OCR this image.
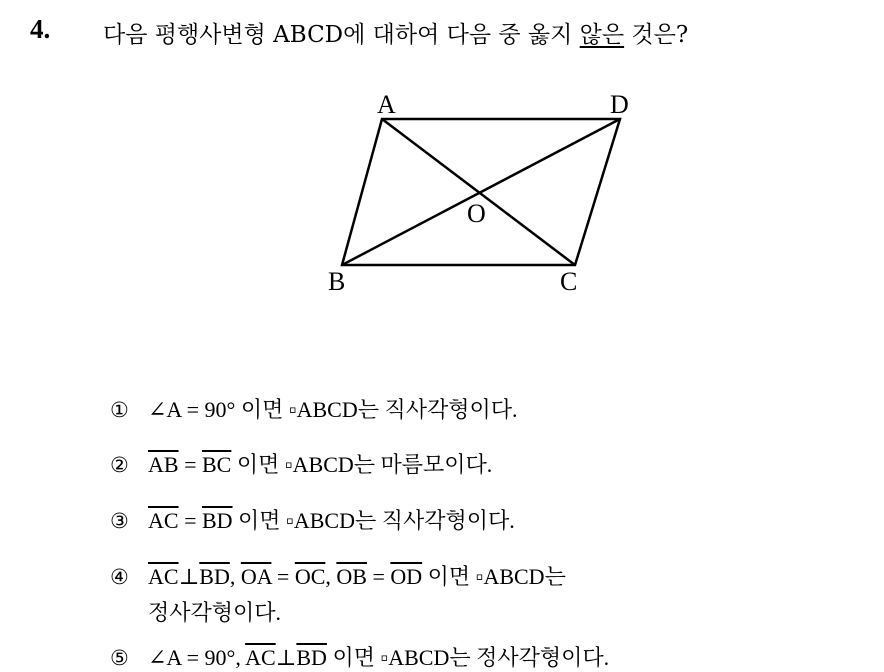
4. 다음 평행사변형 ABCD에 대하여 다음 중 옳지 않은 것은?
A	D
O
B	C
① ∠A = 90° 이면 ▫ABCD는 직사각형이다.
② $\overline{AB} = \overline{BC}$ 이면 ▫ABCD는 마름모이다.
③ $\overline{AC} = \overline{BD}$ 이면 ▫ABCD는 직사각형이다.
④ $\overline{AC}\perp\overline{BD}$, $\overline{OA} = \overline{OC}$, $\overline{OB} = \overline{OD}$ 이면 ▫ABCD는
정사각형이다.
⑤ ∠A = 90°, $\overline{AC}\perp\overline{BD}$ 이면 ▫ABCD는 정사각형이다.
